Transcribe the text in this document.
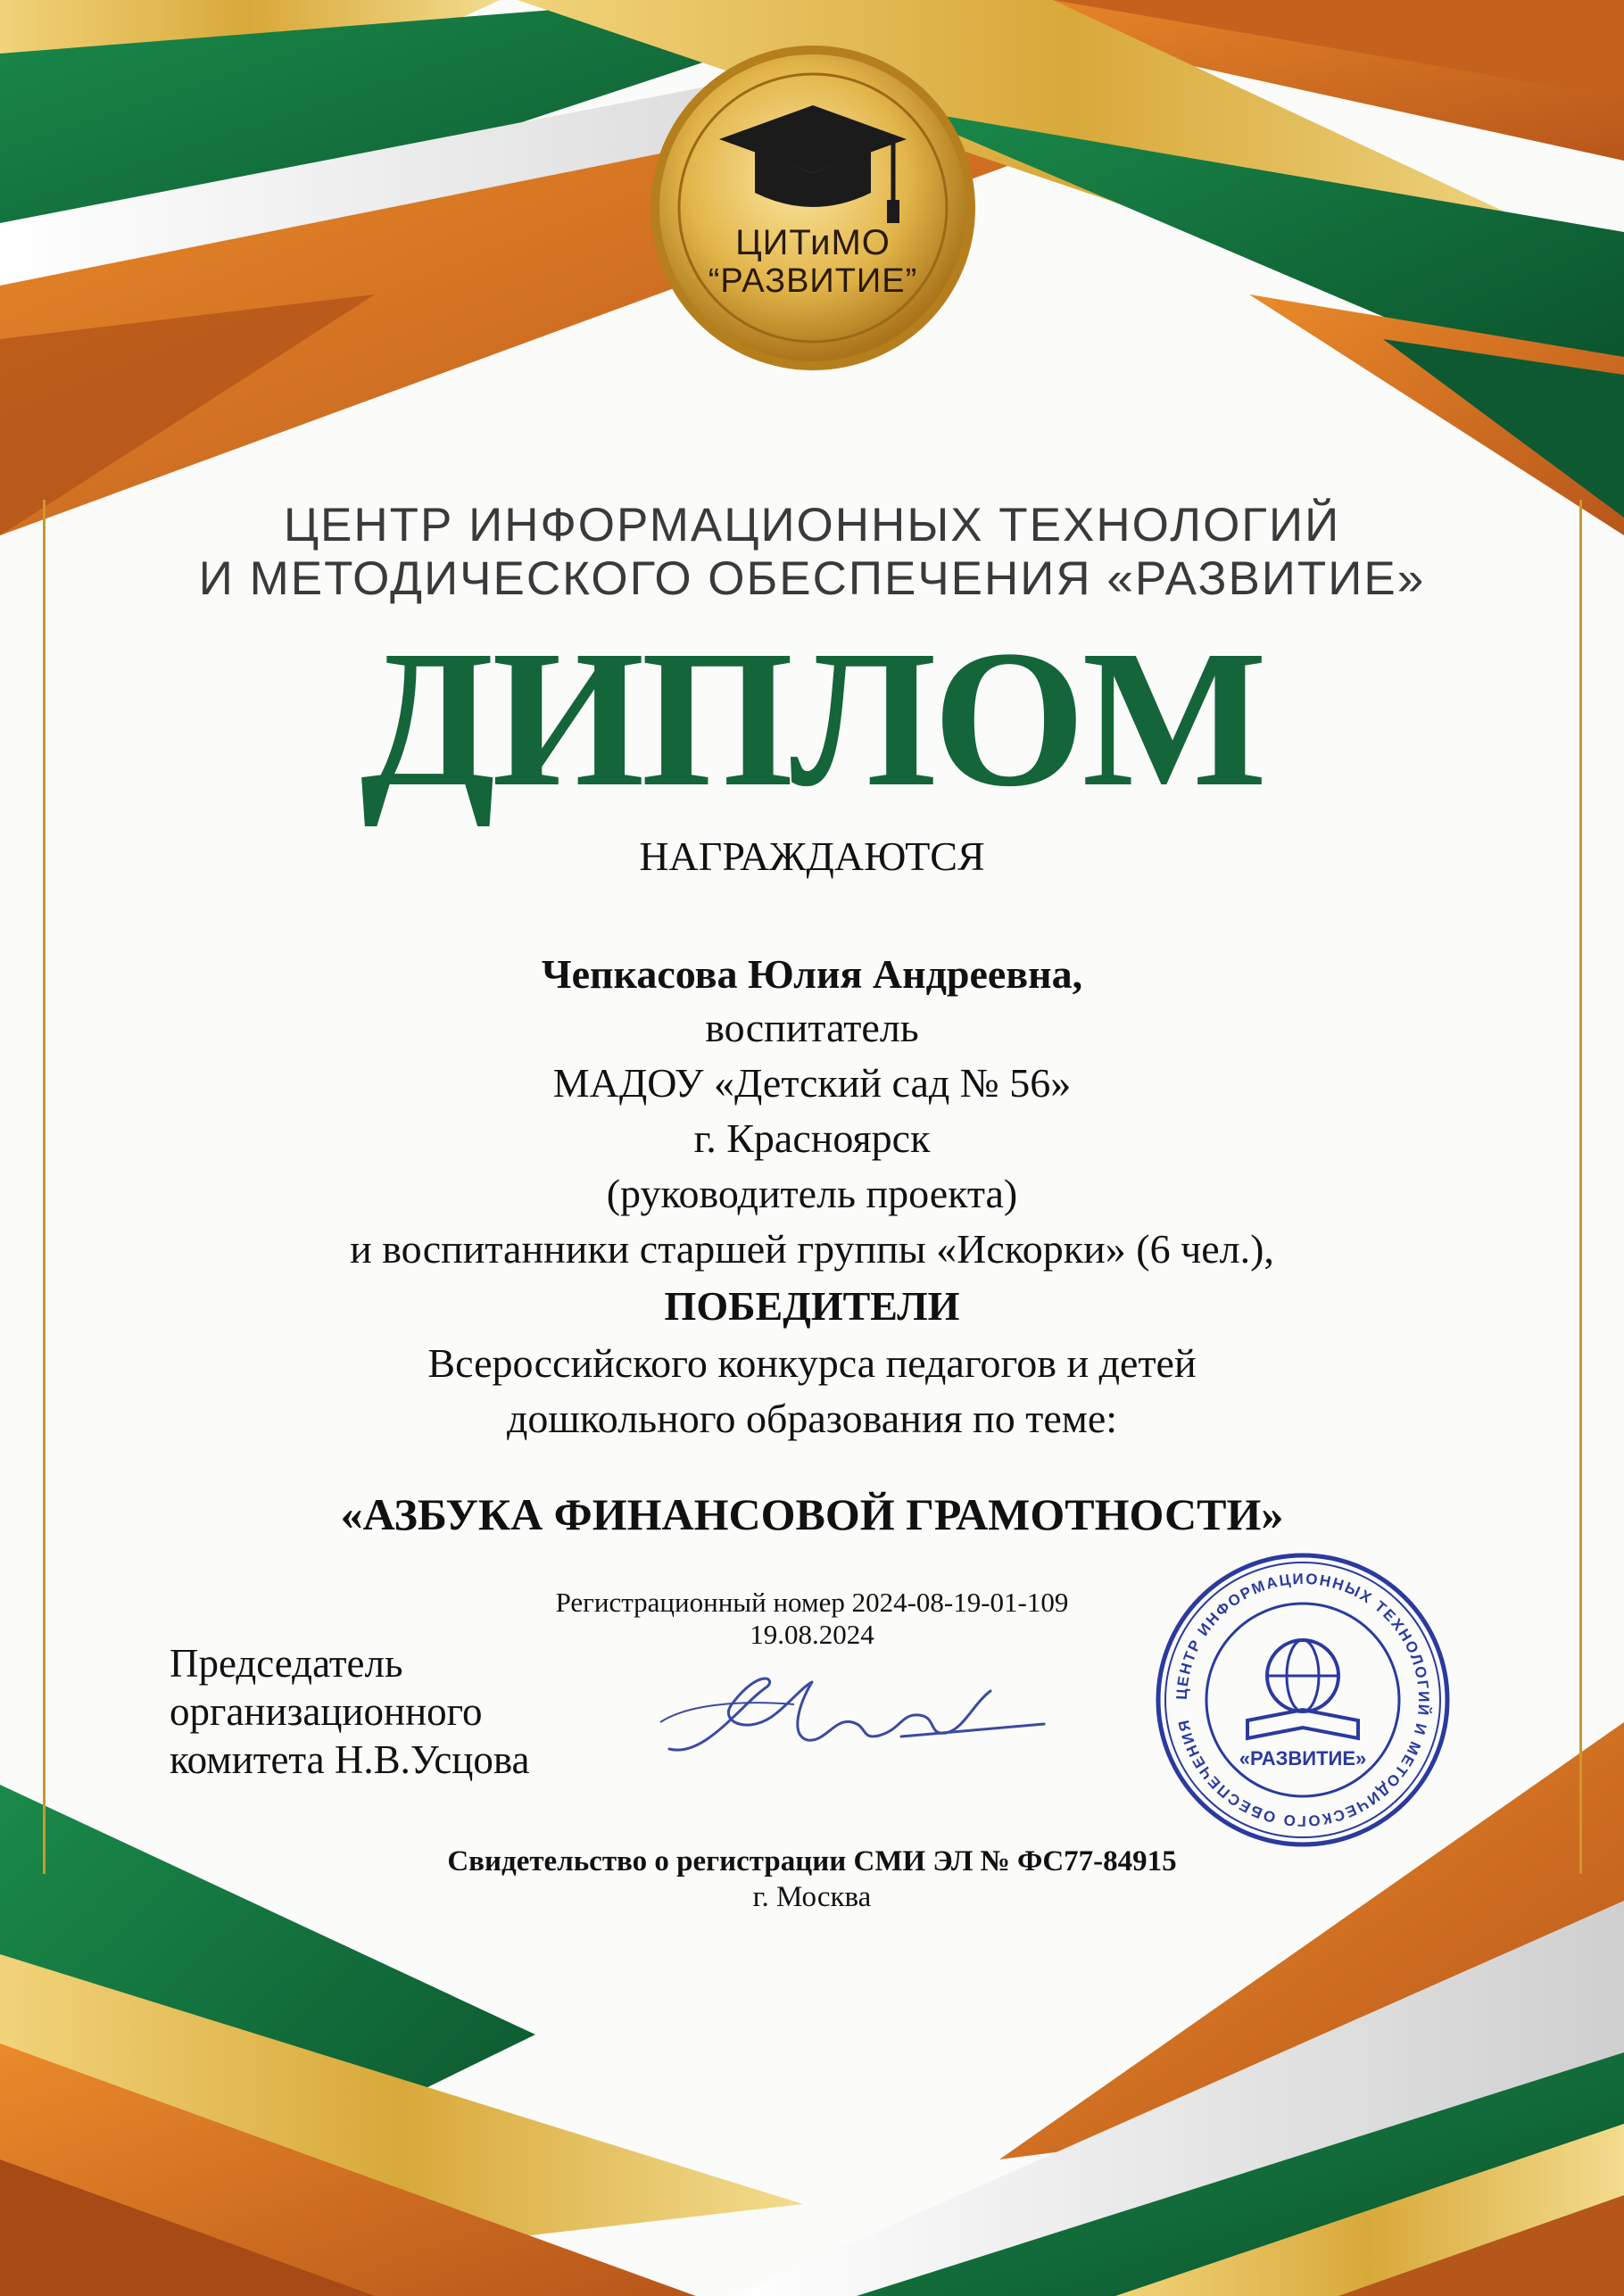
ЦИТиМО
“РАЗВИТИЕ”
ЦЕНТР ИНФОРМАЦИОННЫХ ТЕХНОЛОГИЙ
И МЕТОДИЧЕСКОГО ОБЕСПЕЧЕНИЯ «РАЗВИТИЕ»
ДИПЛОМ
НАГРАЖДАЮТСЯ
Чепкасова Юлия Андреевна,
воспитатель
МАДОУ «Детский сад № 56»
г. Красноярск
(руководитель проекта)
и воспитанники старшей группы «Искорки» (6 чел.),
ПОБЕДИТЕЛИ
Всероссийского конкурса педагогов и детей
дошкольного образования по теме:
«АЗБУКА ФИНАНСОВОЙ ГРАМОТНОСТИ»
Регистрационный номер 2024-08-19-01-109
19.08.2024
Председатель
организационного
комитета Н.В.Усцова
ЦЕНТР ИНФОРМАЦИОННЫХ ТЕХНОЛОГИЙ И МЕТОДИЧЕСКОГО ОБЕСПЕЧЕНИЯ
«РАЗВИТИЕ»
Свидетельство о регистрации СМИ ЭЛ № ФС77-84915
г. Москва
